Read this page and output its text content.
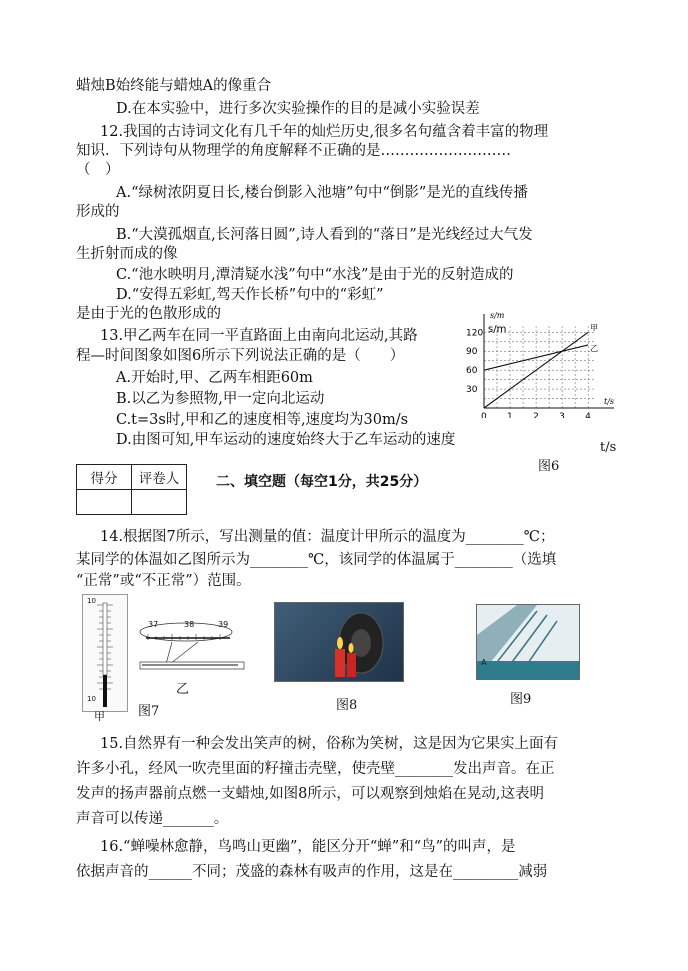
蜡烛B始终能与蜡烛A的像重合
D.在本实验中，进行多次实验操作的目的是减小实验误差
12.我国的古诗词文化有几千年的灿烂历史,很多名句蕴含着丰富的物理
知识．下列诗句从物理学的角度解释不正确的是………………………
（　）
A.“绿树浓阴夏日长,楼台倒影入池塘”句中“倒影”是光的直线传播
形成的
B.“大漠孤烟直,长河落日圆”,诗人看到的“落日”是光线经过大气发
生折射而成的像
C.“池水映明月,潭清疑水浅”句中“水浅”是由于光的反射造成的
D.“安得五彩虹,驾天作长桥”句中的“彩虹”
是由于光的色散形成的
13.甲乙两车在同一平直路面上由南向北运动,其路
程—时间图象如图6所示下列说法正确的是（　　）
A.开始时,甲、乙两车相距60m
B.以乙为参照物,甲一定向北运动
C.t=3s时,甲和乙的速度相等,速度均为30m/s
D.由图可知,甲车运动的速度始终大于乙车运动的速度
s/m
t/s
s/m
0 1 2 3 4
30
60
90
120
甲
乙
t/s
图6
得分	评卷人
		二、填空题（每空1分，共25分）
14.根据图7所示，写出测量的值：温度计甲所示的温度为________℃；
某同学的体温如乙图所示为________℃，该同学的体温属于________（选填
“正常”或“不正常”）范围。
10
10
甲
37	38	39
乙
图7	图8
A
图9
15.自然界有一种会发出笑声的树，俗称为笑树，这是因为它果实上面有
许多小孔，经风一吹壳里面的籽撞击壳壁，使壳壁________发出声音。在正
发声的扬声器前点燃一支蜡烛,如图8所示，可以观察到烛焰在晃动,这表明
声音可以传递_______。
16.“蝉噪林愈静，鸟鸣山更幽”，能区分开“蝉”和“鸟”的叫声，是
依据声音的______不同；茂盛的森林有吸声的作用，这是在_________减弱
